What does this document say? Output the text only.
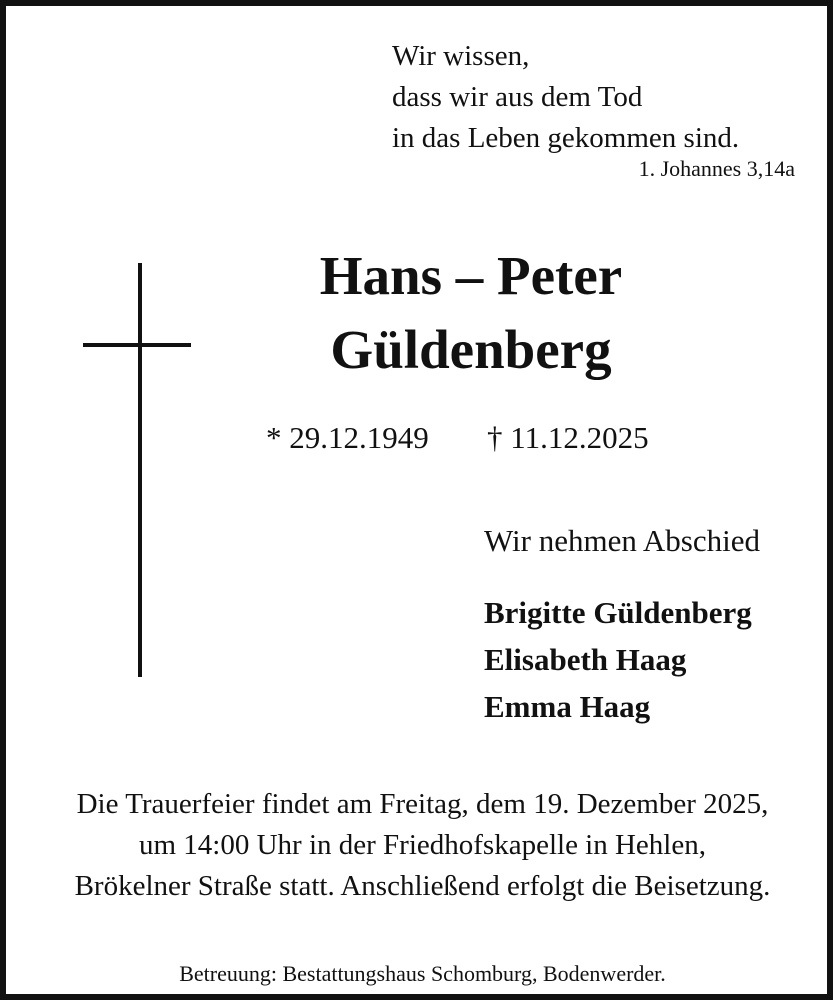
Wir wissen,
dass wir aus dem Tod
in das Leben gekommen sind.
1. Johannes 3,14a
Hans – Peter
Güldenberg
* 29.12.1949 † 11.12.2025
Wir nehmen Abschied
Brigitte Güldenberg
Elisabeth Haag
Emma Haag
Die Trauerfeier findet am Freitag, dem 19. Dezember 2025,
um 14:00 Uhr in der Friedhofskapelle in Hehlen,
Brökelner Straße statt. Anschließend erfolgt die Beisetzung.
Betreuung: Bestattungshaus Schomburg, Bodenwerder.
